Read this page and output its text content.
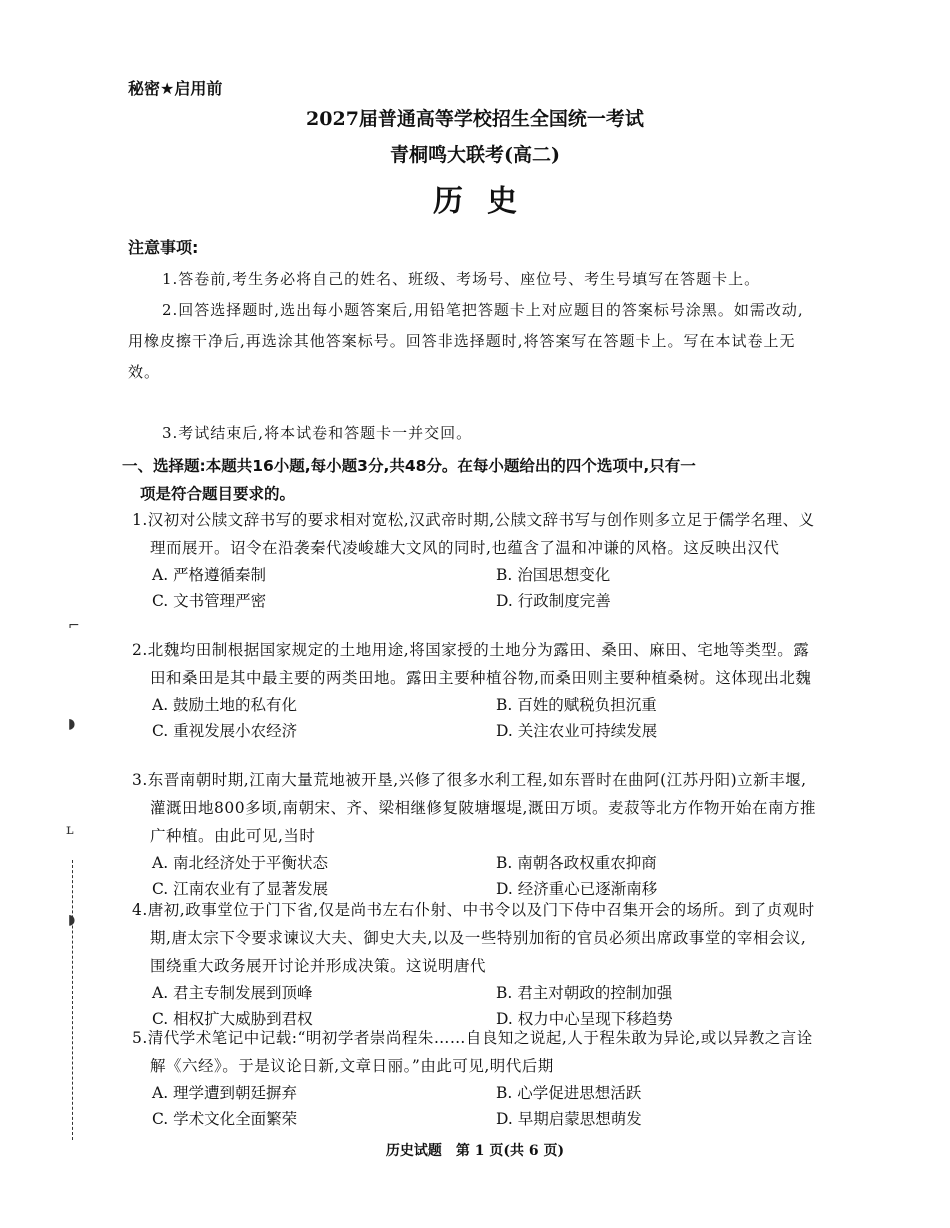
秘密★启用前
2027届普通高等学校招生全国统一考试
青桐鸣大联考(高二)
历史
注意事项:
1.答卷前,考生务必将自己的姓名、班级、考场号、座位号、考生号填写在答题卡上。
2.回答选择题时,选出每小题答案后,用铅笔把答题卡上对应题目的答案标号涂黑。如需改动,用橡皮擦干净后,再选涂其他答案标号。回答非选择题时,将答案写在答题卡上。写在本试卷上无效。
3.考试结束后,将本试卷和答题卡一并交回。
一、选择题:本题共16小题,每小题3分,共48分。在每小题给出的四个选项中,只有一
项是符合题目要求的。
1.汉初对公牍文辞书写的要求相对宽松,汉武帝时期,公牍文辞书写与创作则多立足于儒学名理、义理而展开。诏令在沿袭秦代凌峻雄大文风的同时,也蕴含了温和冲谦的风格。这反映出汉代
A. 严格遵循秦制	B. 治国思想变化
C. 文书管理严密	D. 行政制度完善
2.北魏均田制根据国家规定的土地用途,将国家授的土地分为露田、桑田、麻田、宅地等类型。露田和桑田是其中最主要的两类田地。露田主要种植谷物,而桑田则主要种植桑树。这体现出北魏
A. 鼓励土地的私有化	B. 百姓的赋税负担沉重
C. 重视发展小农经济	D. 关注农业可持续发展
3.东晋南朝时期,江南大量荒地被开垦,兴修了很多水利工程,如东晋时在曲阿(江苏丹阳)立新丰堰,灌溉田地800多顷,南朝宋、齐、梁相继修复陂塘堰堤,溉田万顷。麦菽等北方作物开始在南方推广种植。由此可见,当时
A. 南北经济处于平衡状态	B. 南朝各政权重农抑商
C. 江南农业有了显著发展	D. 经济重心已逐渐南移
4.唐初,政事堂位于门下省,仅是尚书左右仆射、中书令以及门下侍中召集开会的场所。到了贞观时期,唐太宗下令要求谏议大夫、御史大夫,以及一些特别加衔的官员必须出席政事堂的宰相会议,围绕重大政务展开讨论并形成决策。这说明唐代
A. 君主专制发展到顶峰	B. 君主对朝政的控制加强
C. 相权扩大威胁到君权	D. 权力中心呈现下移趋势
5.清代学术笔记中记载:“明初学者崇尚程朱……自良知之说起,人于程朱敢为异论,或以异教之言诠解《六经》。于是议论日新,文章日丽。”由此可见,明代后期
A. 理学遭到朝廷摒弃	B. 心学促进思想活跃
C. 学术文化全面繁荣	D. 早期启蒙思想萌发
⌐
◗
ʟ
◗
历史试题　第 1 页(共 6 页)
